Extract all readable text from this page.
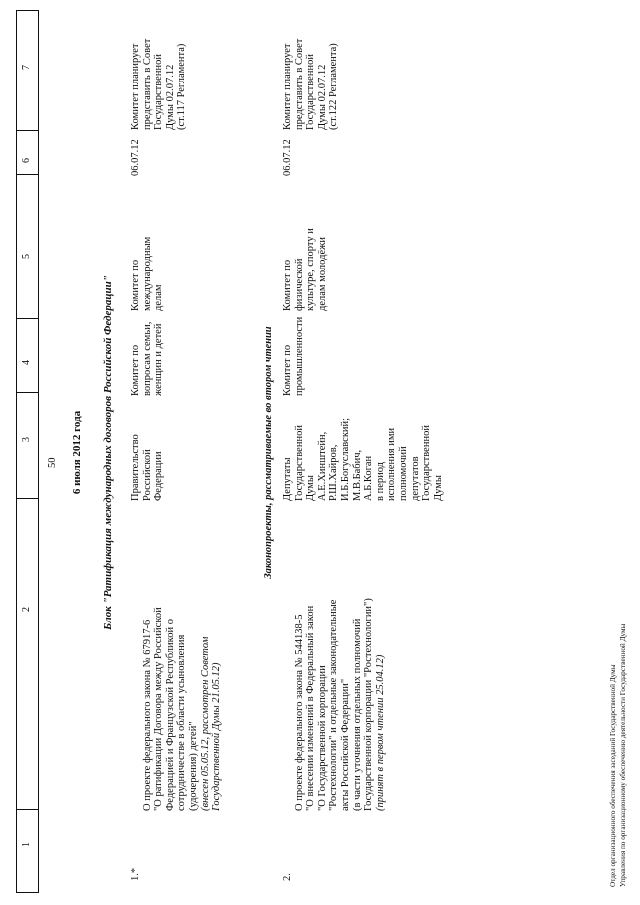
50
1
2
3
4
5
6
7
6 июля 2012 года Блок "Ратификация международных договоров Российской Федерации"
1.*

О проекте федерального закона № 67917-6
"О ратификации Договора между Российской
Федерацией и Французской Республикой о
сотрудничестве в области усыновления
(удочерения) детей"

(внесен 05.05.12, рассмотрен Советом
Государственной Думы 21.05.12)

Правительство
Российской
Федерации
Комитет по
вопросам семьи,
женщин и детей
Комитет по
международным
делам
06.07.12
Комитет планирует
представить в Совет
Государственной
Думы 02.07.12
(ст.117 Регламента)
Законопроекты, рассматриваемые во втором чтении
2.

О проекте федерального закона № 544138-5
"О внесении изменений в Федеральный закон
"О Государственной корпорации
"Ростехнологии" и отдельные законодательные
акты Российской Федерации"
(в части уточнения отдельных полномочий
Государственной корпорации "Ростехнологии")

(принят в первом чтении 25.04.12)

Депутаты
Государственной
Думы
А.Е.Хинштейн,
Р.Ш.Хайров,
И.Б.Богуславский;
М.В.Бабич,
А.Б.Коган
в период
исполнения ими
полномочий
депутатов
Государственной
Думы
Комитет по
промышленности
Комитет по
физической
культуре, спорту и
делам молодёжи
06.07.12
Комитет планирует
представить в Совет
Государственной
Думы 02.07.12
(ст.122 Регламента)
Отдел организационного обеспечения заседаний Государственной Думы Управления по организационному обеспечению деятельности Государственной Думы
